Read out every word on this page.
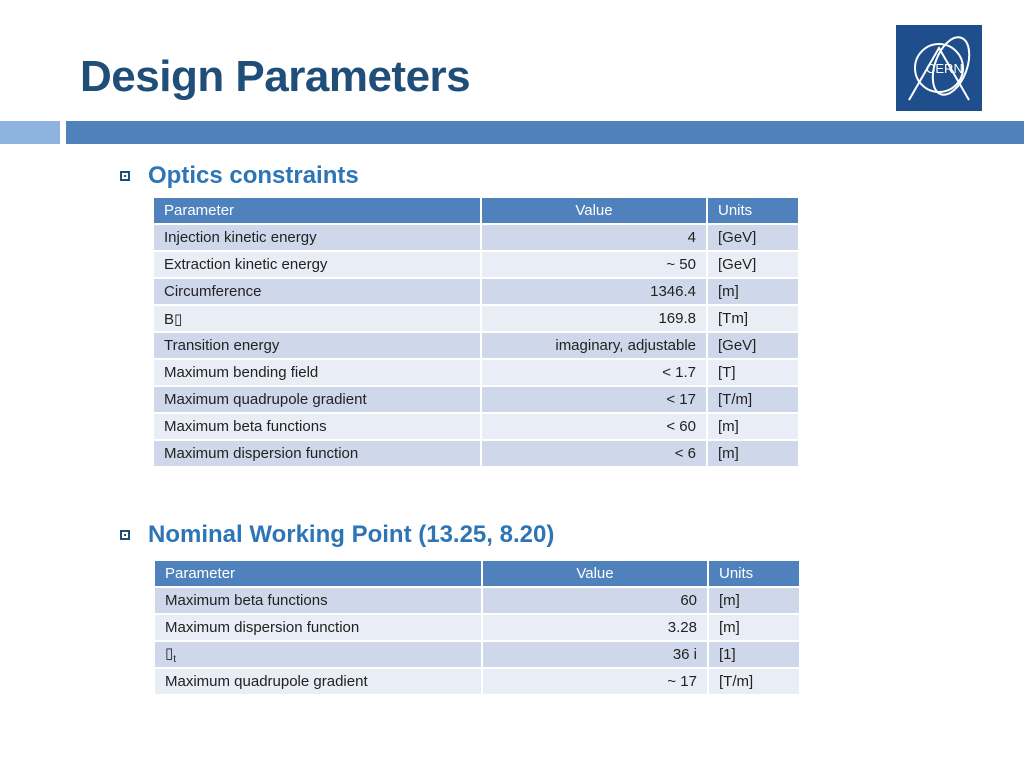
Design Parameters	CERN
Optics constraints
Parameter	Value	Units
Injection kinetic energy	4	[GeV]
Extraction kinetic energy	~ 50	[GeV]
Circumference	1346.4	[m]
B▯	169.8	[Tm]
Transition energy	imaginary, adjustable	[GeV]
Maximum bending field	< 1.7	[T]
Maximum quadrupole gradient	< 17	[T/m]
Maximum beta functions	< 60	[m]
Maximum dispersion function	< 6	[m]
Nominal Working Point (13.25, 8.20)
Parameter	Value	Units
Maximum beta functions	60	[m]
Maximum dispersion function	3.28	[m]
$▯_t$	36 i	[1]
Maximum quadrupole gradient	~ 17	[T/m]
